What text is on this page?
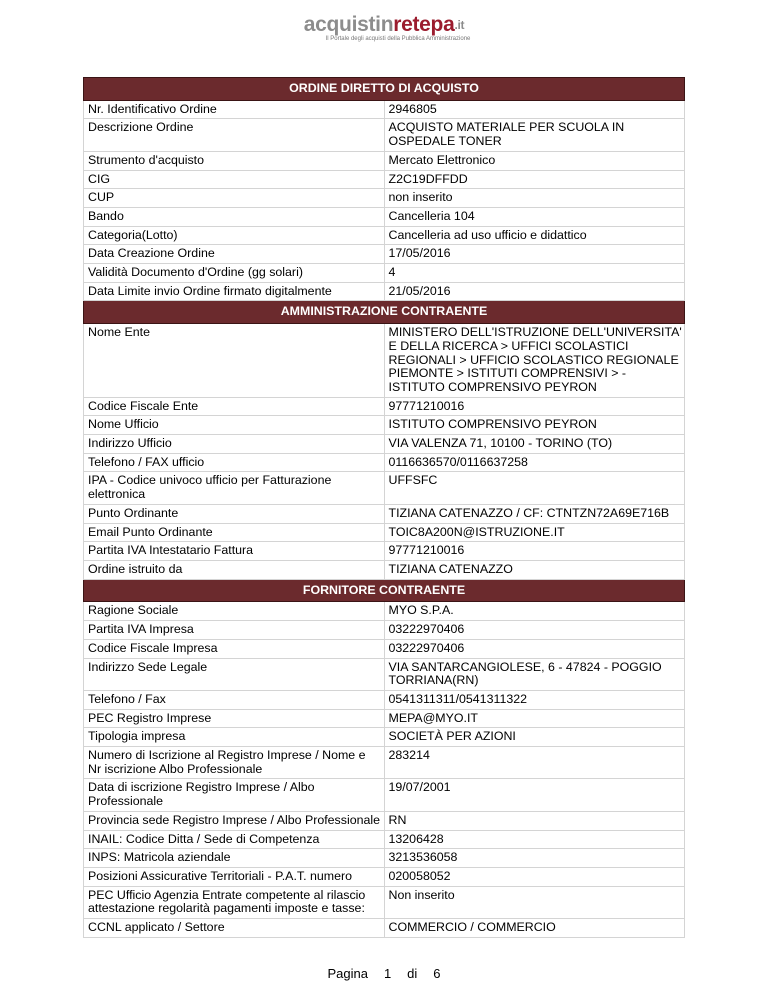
acquistinretepa$^{.it}$
Il Portale degli acquisti della Pubblica Amministrazione
ORDINE DIRETTO DI ACQUISTO	
Nr. Identificativo Ordine	2946805
Descrizione Ordine	ACQUISTO MATERIALE PER SCUOLA IN OSPEDALE TONER
Strumento d'acquisto	Mercato Elettronico
CIG	Z2C19DFFDD
CUP	non inserito
Bando	Cancelleria 104
Categoria(Lotto)	Cancelleria ad uso ufficio e didattico
Data Creazione Ordine	17/05/2016
Validità Documento d'Ordine (gg solari)	4
Data Limite invio Ordine firmato digitalmente	21/05/2016
AMMINISTRAZIONE CONTRAENTE	
Nome Ente	MINISTERO DELL'ISTRUZIONE DELL'UNIVERSITA' E DELLA RICERCA > UFFICI SCOLASTICI REGIONALI > UFFICIO SCOLASTICO REGIONALE PIEMONTE > ISTITUTI COMPRENSIVI > -ISTITUTO COMPRENSIVO PEYRON
Codice Fiscale Ente	97771210016
Nome Ufficio	ISTITUTO COMPRENSIVO PEYRON
Indirizzo Ufficio	VIA VALENZA 71, 10100 - TORINO (TO)
Telefono / FAX ufficio	0116636570/0116637258
IPA - Codice univoco ufficio per Fatturazione elettronica	UFFSFC
Punto Ordinante	TIZIANA CATENAZZO / CF: CTNTZN72A69E716B
Email Punto Ordinante	TOIC8A200N@ISTRUZIONE.IT
Partita IVA Intestatario Fattura	97771210016
Ordine istruito da	TIZIANA CATENAZZO
FORNITORE CONTRAENTE	
Ragione Sociale	MYO S.P.A.
Partita IVA Impresa	03222970406
Codice Fiscale Impresa	03222970406
Indirizzo Sede Legale	VIA SANTARCANGIOLESE, 6 - 47824 - POGGIO TORRIANA(RN)
Telefono / Fax	0541311311/0541311322
PEC Registro Imprese	MEPA@MYO.IT
Tipologia impresa	SOCIETÀ PER AZIONI
Numero di Iscrizione al Registro Imprese / Nome e Nr iscrizione Albo Professionale	283214
Data di iscrizione Registro Imprese / Albo Professionale	19/07/2001
Provincia sede Registro Imprese / Albo Professionale	RN
INAIL: Codice Ditta / Sede di Competenza	13206428
INPS: Matricola aziendale	3213536058
Posizioni Assicurative Territoriali - P.A.T. numero	020058052
PEC Ufficio Agenzia Entrate competente al rilascio attestazione regolarità pagamenti imposte e tasse:	Non inserito
CCNL applicato / Settore	COMMERCIO / COMMERCIO
Pagina 1 di 6
